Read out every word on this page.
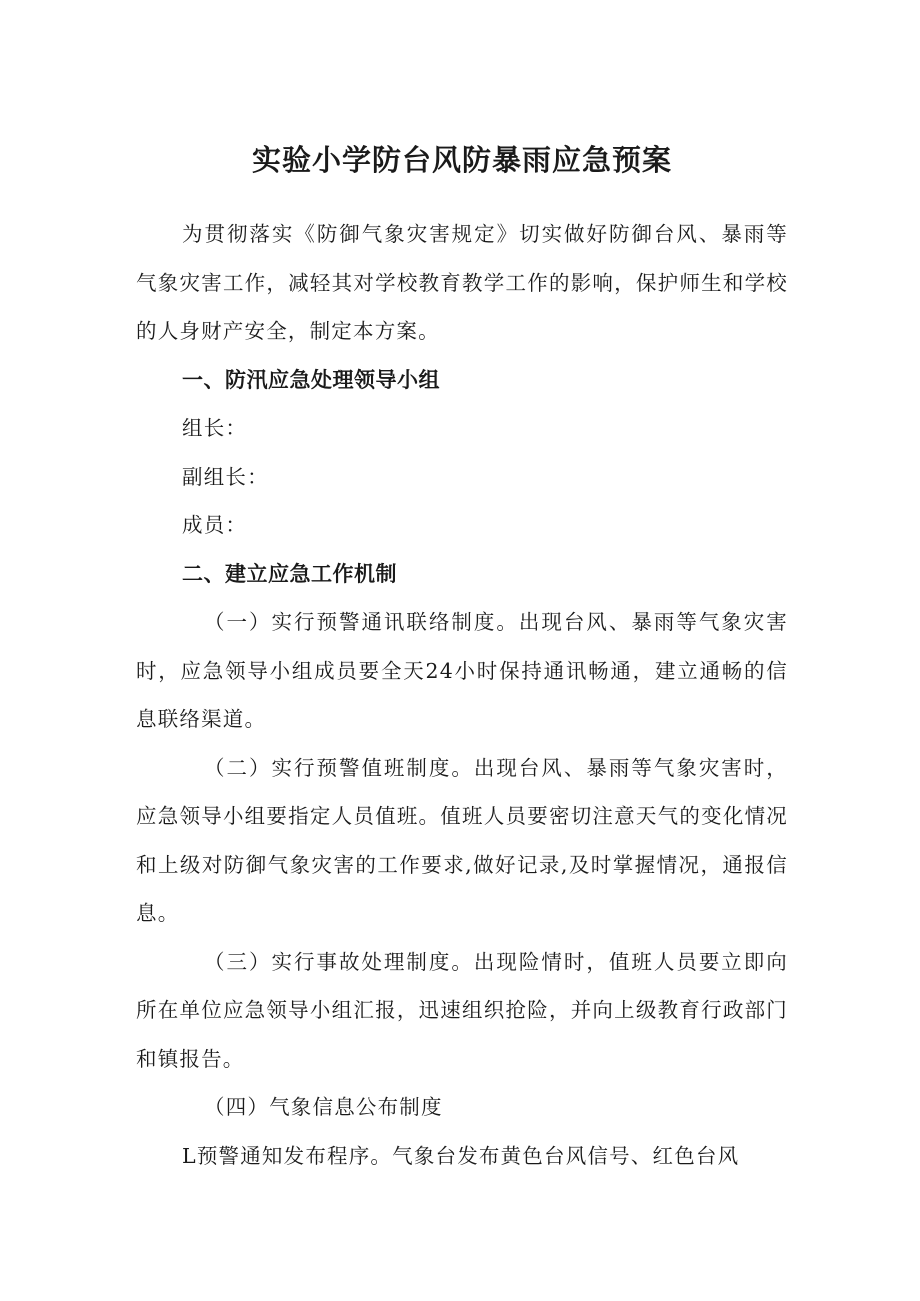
实验小学防台风防暴雨应急预案

为贯彻落实《防御气象灾害规定》切实做好防御台风、暴雨等气象灾害工作，减轻其对学校教育教学工作的影响，保护师生和学校的人身财产安全，制定本方案。

一、防汛应急处理领导小组

组长：

副组长：

成员：

二、建立应急工作机制

（一）实行预警通讯联络制度。出现台风、暴雨等气象灾害时，应急领导小组成员要全天24小时保持通讯畅通，建立通畅的信息联络渠道。

（二）实行预警值班制度。出现台风、暴雨等气象灾害时，应急领导小组要指定人员值班。值班人员要密切注意天气的变化情况和上级对防御气象灾害的工作要求,做好记录,及时掌握情况，通报信息。

（三）实行事故处理制度。出现险情时，值班人员要立即向所在单位应急领导小组汇报，迅速组织抢险，并向上级教育行政部门和镇报告。

（四）气象信息公布制度

L预警通知发布程序。气象台发布黄色台风信号、红色台风
